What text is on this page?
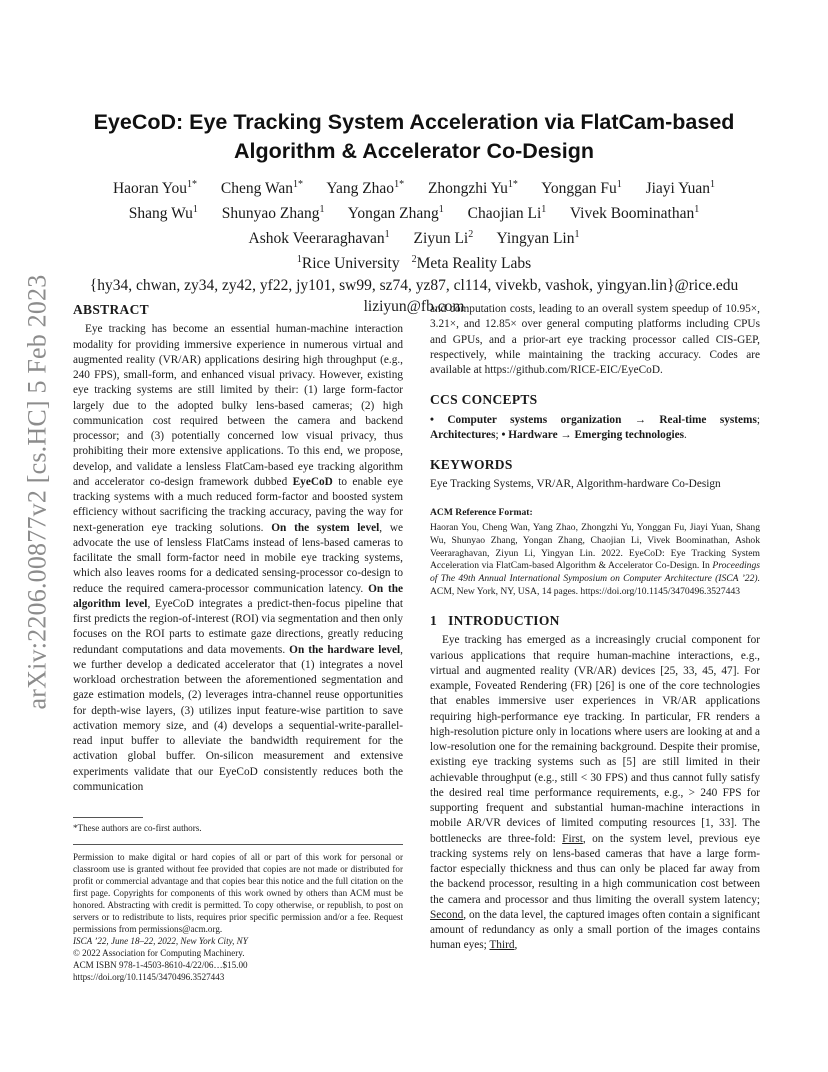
arXiv:2206.00877v2 [cs.HC] 5 Feb 2023
EyeCoD: Eye Tracking System Acceleration via FlatCam-based
Algorithm & Accelerator Co-Design
Haoran You$^{1*}$ Cheng Wan$^{1*}$ Yang Zhao$^{1*}$ Zhongzhi $Yu^{1*}$ Yonggan Fu$^1$ Jiayi Yuan$^1$
Shang Wu$^1$ Shunyao Zhang$^1$ Yongan Zhang$^1$ Chaojian Li$^1$ Vivek Boominathan$^1$
Ashok Veeraraghavan$^1$ Ziyun Li$^2$ Yingyan Lin$^1$
$^1$Rice University $^2$Meta Reality Labs
{hy34, chwan, zy34, zy42, yf22, jy101, sw99, sz74, yz87, cl114, vivekb, vashok, yingyan.lin}@rice.edu
liziyun@fb.com
ABSTRACT

Eye tracking has become an essential human-machine interaction modality for providing immersive experience in numerous virtual and augmented reality (VR/AR) applications desiring high throughput (e.g., 240 FPS), small-form, and enhanced visual privacy. However, existing eye tracking systems are still limited by their: (1) large form-factor largely due to the adopted bulky lens-based cameras; (2) high communication cost required between the camera and backend processor; and (3) potentially concerned low visual privacy, thus prohibiting their more extensive applications. To this end, we propose, develop, and validate a lensless FlatCam-based eye tracking algorithm and accelerator co-design framework dubbed EyeCoD to enable eye tracking systems with a much reduced form-factor and boosted system efficiency without sacrificing the tracking accuracy, paving the way for next-generation eye tracking solutions. On the system level, we advocate the use of lensless FlatCams instead of lens-based cameras to facilitate the small form-factor need in mobile eye tracking systems, which also leaves rooms for a dedicated sensing-processor co-design to reduce the required camera-processor communication latency. On the algorithm level, EyeCoD integrates a predict-then-focus pipeline that first predicts the region-of-interest (ROI) via segmentation and then only focuses on the ROI parts to estimate gaze directions, greatly reducing redundant computations and data movements. On the hardware level, we further develop a dedicated accelerator that (1) integrates a novel workload orchestration between the aforementioned segmentation and gaze estimation models, (2) leverages intra-channel reuse opportunities for depth-wise layers, (3) utilizes input feature-wise partition to save activation memory size, and (4) develops a sequential-write-parallel-read input buffer to alleviate the bandwidth requirement for the activation global buffer. On-silicon measurement and extensive experiments validate that our EyeCoD consistently reduces both the communication

*These authors are co-first authors.

Permission to make digital or hard copies of all or part of this work for personal or classroom use is granted without fee provided that copies are not made or distributed for profit or commercial advantage and that copies bear this notice and the full citation on the first page. Copyrights for components of this work owned by others than ACM must be honored. Abstracting with credit is permitted. To copy otherwise, or republish, to post on servers or to redistribute to lists, requires prior specific permission and/or a fee. Request permissions from permissions@acm.org.

ISCA ’22, June 18–22, 2022, New York City, NY
© 2022 Association for Computing Machinery.
ACM ISBN 978-1-4503-8610-4/22/06…$15.00
https://doi.org/10.1145/3470496.3527443

and computation costs, leading to an overall system speedup of 10.95×, 3.21×, and 12.85× over general computing platforms including CPUs and GPUs, and a prior-art eye tracking processor called CIS-GEP, respectively, while maintaining the tracking accuracy. Codes are available at https://github.com/RICE-EIC/EyeCoD.

CCS CONCEPTS

• Computer systems organization → Real-time systems; Architectures; • Hardware → Emerging technologies.

KEYWORDS

Eye Tracking Systems, VR/AR, Algorithm-hardware Co-Design

ACM Reference Format:

Haoran You, Cheng Wan, Yang Zhao, Zhongzhi Yu, Yonggan Fu, Jiayi Yuan, Shang Wu, Shunyao Zhang, Yongan Zhang, Chaojian Li, Vivek Boominathan, Ashok Veeraraghavan, Ziyun Li, Yingyan Lin. 2022. EyeCoD: Eye Tracking System Acceleration via FlatCam-based Algorithm & Accelerator Co-Design. In Proceedings of The 49th Annual International Symposium on Computer Architecture (ISCA ’22). ACM, New York, NY, USA, 14 pages. https://doi.org/10.1145/3470496.3527443

1   INTRODUCTION

Eye tracking has emerged as a increasingly crucial component for various applications that require human-machine interactions, e.g., virtual and augmented reality (VR/AR) devices [25, 33, 45, 47]. For example, Foveated Rendering (FR) [26] is one of the core technologies that enables immersive user experiences in VR/AR applications requiring high-performance eye tracking. In particular, FR renders a high-resolution picture only in locations where users are looking at and a low-resolution one for the remaining background. Despite their promise, existing eye tracking systems such as [5] are still limited in their achievable throughput (e.g., still < 30 FPS) and thus cannot fully satisfy the desired real time performance requirements, e.g., > 240 FPS for supporting frequent and substantial human-machine interactions in mobile AR/VR devices of limited computing resources [1, 33]. The bottlenecks are three-fold: First, on the system level, previous eye tracking systems rely on lens-based cameras that have a large form-factor especially thickness and thus can only be placed far away from the backend processor, resulting in a high communication cost between the camera and processor and thus limiting the overall system latency; Second, on the data level, the captured images often contain a significant amount of redundancy as only a small portion of the images contains human eyes; Third,
